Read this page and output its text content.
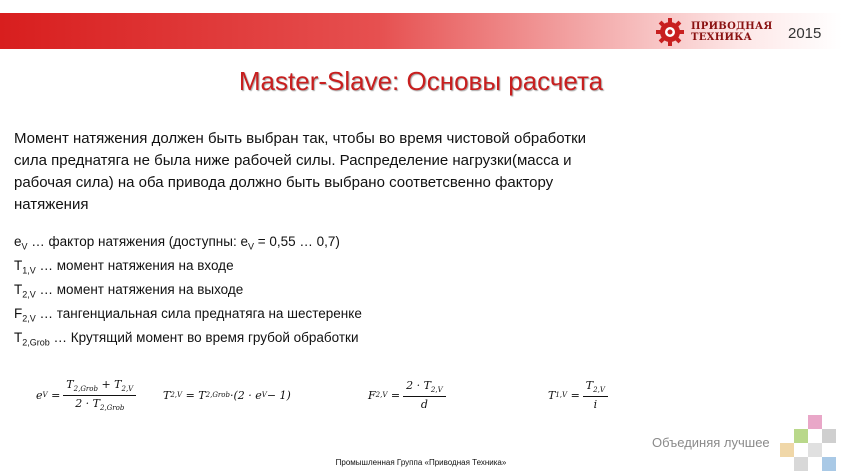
ПРИВОДНАЯ
ТЕХНИКА	2015
Master-Slave: Основы расчета
Момент натяжения должен быть выбран так, чтобы во время чистовой обработки сила преднатяга не была ниже рабочей силы. Распределение нагрузки(масса и рабочая сила) на оба привода должно быть выбрано соответсвенно фактору натяжения
$e_V$ … фактор натяжения (доступны: $e_V = 0,55$ … 0,7)
$T_{1,V}$ … момент натяжения на входе
$T_{2,V}$ … момент натяжения на выходе
$F_{2,V}$ … тангенциальная сила преднатяга на шестеренке
$T_{2,Grob}$ … Крутящий момент во время грубой обработки
e $V = \frac{T_{2,Grob} + T_{2,V}}{2 \cdot T_{2,Grob}}$ T 2,V
= T 2,Grob ·(2 · e V − 1)	F $2,V = \frac{2 \cdot T_{2,V}}{d}$	T $1,V = \frac{T_{2,V}}{i}$
Объединяя лучшее
Промышленная Группа «Приводная Техника»
